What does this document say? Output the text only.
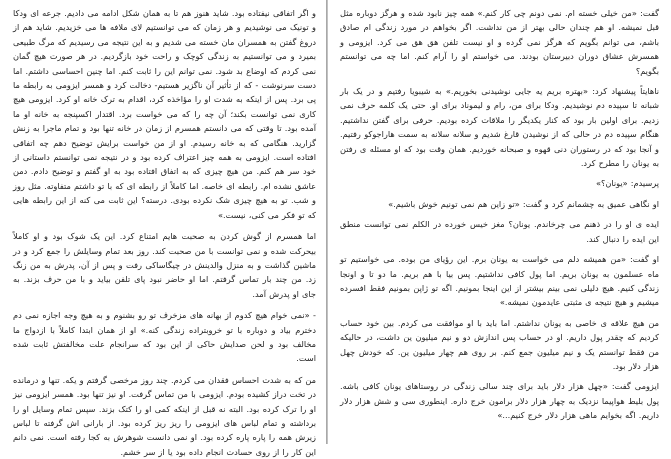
و اگر اتفاقی نیفتاده بود. شاید هنوز هم تا به همان شکل ادامه می دادیم. جرعه ای ودکا و تونیک می نوشیدیم و هر زمان که می توانستیم لای ملافه ها می خزیدیم. شاید هم از دروغ گفتن به همسران مان خسته می شدیم و به این نتیجه می رسیدیم که مرگ طبیعی بمیرد و می توانستیم به زندگی کوچک و راحت خود بازگردیم. در هر صورت هیچ گمان نمی کردم که اوضاع بد شود. نمی توانم این را ثابت کنم. اما چنین احساسی داشتم. اما دست سرنوشت - که از تأثیر آن ناگزیر هستیم- دخالت کرد و همسر ایزومی به رابطه ما پی برد. پس از اینکه به شدت او را مؤاخذه کرد، اقدام به ترک خانه او کرد. ایزومی هیچ کاری نمی توانست بکند؛ آن چه را که می خواست برد. اقتدار اکسپنجه به خانه او ما آمده بود. تا وقتی که می دانستم همسرم از زمان در خانه تنها بود و تمام ماجرا به زنش گزارید. هنگامی که به خانه رسیدم. او از من خواست برایش توضیح دهم چه اتفاقی افتاده است. ایزومی به همه چیز اعتراف کرده بود و در نتیجه نمی توانستم داستانی از خود سر هم کنم. من هیچ چیزی که به اتفاق افتاده بود به او گفتم و توضیح دادم. دمن عاشق نشده ام. رابطه ای خاصه. اما کاملاً از رابطه ای که با تو داشتم متفاوته. مثل روز و شب. تو به هیچ چیزی شک نکرده بودی. درسته؟ این ثابت می کنه از این رابطه هایی که تو فکر می کنی، نیست.»

اما همسرم از گوش کردن به صحبت هایم امتناع کرد. این یک شوک بود و او کاملاً بیحرکت شده و نمی توانست با من صحبت کند. روز بعد تمام وسایلش را جمع کرد و در ماشین گذاشت و به منزل والدینش در چیگاساکی رفت و پس از آن، پدرش به من زنگ زد. من چند بار تماس گرفتم. اما او حاضر نبود پای تلفن بیاید و با من حرف بزند. به جای او پدرش آمد.

- «نمی خوام هیچ کدوم از بهانه های مزخرف تو رو بشنوم و به هیچ وجه اجازه نمی دم دخترم بیاد و دوباره با تو خروبتراده زندگی کنه.» او از همان ابتدا کاملاً با ازدواج ما مخالف بود و لحن صدایش حاکی از این بود که سرانجام علت مخالفتش ثابت شده است.

من که به شدت احساس فقدان می کردم. چند روز مرخصی گرفتم و یکه. تنها و درمانده در تخت دراز کشیده بودم. ایزومی با من تماس گرفت. او نیز تنها بود. همسر ایزومی نیز او را ترک کرده بود. البته نه قبل از اینکه کمی او را کتک بزند. سپس تمام وسایل او را برداشته و تمام لباس های ایزومی را ریز ریز کرده بود. از بارانی اش گرفته تا لباس زیرش همه را پاره پاره کرده بود. او نمی دانست شوهرش به کجا رفته است. نمی دانم این کار را از روی حسادت انجام داده بود یا از سر خشم.

گفت: «من خیلی خسته ام. نمی دونم چی کار کنم.» همه چیز نابود شده و هرگز دوباره مثل قبل نمیشه. او هم چندان حالی بهتر از من نداشت. اگر بخواهم در مورد زندگی ام صادق باشم، می توانم بگویم که هرگز نمی گرده و او نیست تلفن هق هق می کرد. ایزومی و همسرش عشاق دوران دبیرستان بودند. می خواستم او را آرام کنم. اما چه می توانستم بگویم؟

ناهایتاً پیشنهاد کرد: «بهتره بریم یه جایی نوشیدنی بخوریم.» به شیبویا رفتیم و در یک بار شبانه تا سپیده دم نوشیدیم. ودکا برای من، رام و لیموناد برای او. حتی یک کلمه حرف نمی زدیم. برای اولین بار بود که کنار یکدیگر را ملاقات کرده بودیم. حرفی برای گفتن نداشتیم. هنگام سپیده دم در حالی که از نوشیدن قارغ شدیم و سلانه سلانه به سمت هاراجوکو رفتیم. و آنجا بود که در رستوران دنی قهوه و صبحانه خوردیم. همان وقت بود که او مسئله ی رفتن به یونان را مطرح کرد.

پرسیدم: «یونان؟»

او نگاهی عمیق به چشمانم کرد و گفت: «تو زاین هم نمی تونیم خوش باشیم.»

ایده ی او را در ذهنم می چرخاندم. یونان؟ مغز خیس خورده در الکلم نمی توانست منطق این ایده را دنبال کند.

او گفت: «من همیشه دلم می خواست به یونان برم. این رؤیای من بوده. می خواستیم تو ماه عسلمون به یونان بریم. اما پول کافی نداشتیم. پس بیا با هم بریم. ما دو تا و اونجا زندگی کنیم. هیچ دلیلی نمی بینم بیشتر از این اینجا بمونیم. اگه تو ژاپن بمونیم فقط افسرده میشیم و هیچ نتیجه ی مثبتی عایدمون نمیشه.»

من هیچ علاقه ی خاصی به یونان نداشتم. اما باید با او موافقت می کردم. بین خود حساب کردیم که چقدر پول داریم. او در حساب پس اندازش دو و نیم میلیون ین داشت، در حالیکه من فقط توانستم یک و نیم میلیون جمع کنم. بر روی هم چهار میلیون ین. که خودش چهل هزار دلار بود.

ایزومی گفت: «چهل هزار دلار باید برای چند سالی زندگی در روستاهای یونان کافی باشه. پول بلیط هواپیما نزدیک به چهار هزار دلار برامون خرج داره. اینطوری سی و شش هزار دلار داریم. اگه بخوایم ماهی هزار دلار خرج کنیم...»
